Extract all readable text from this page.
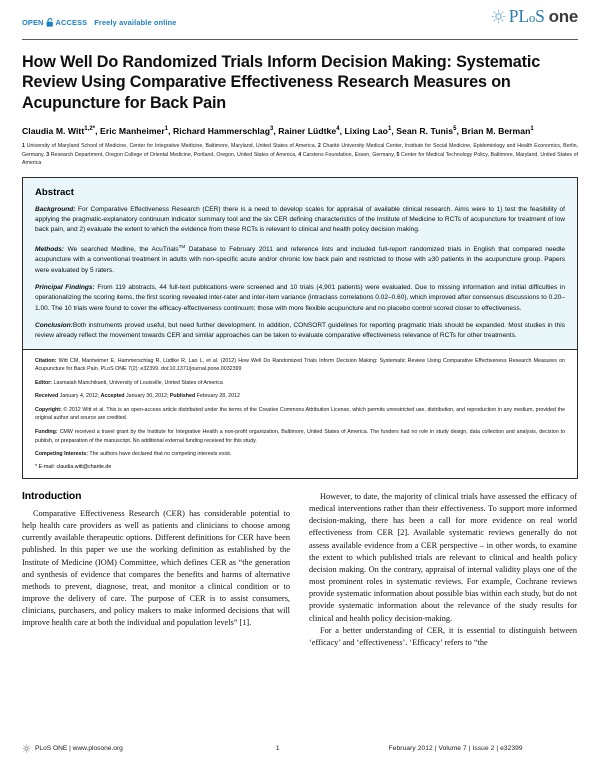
OPEN ACCESS Freely available online	PLoS one
How Well Do Randomized Trials Inform Decision Making: Systematic Review Using Comparative Effectiveness Research Measures on Acupuncture for Back Pain
Claudia M. Witt$^{1,2*}$, Eric Manheimer$^1$, Richard Hammerschlag$^3$, Rainer Lüdtke$^4$, Lixing Lao$^1$, Sean R. Tunis$^5$, Brian M. Berman$^1$
1 University of Maryland School of Medicine, Center for Integrative Medicine, Baltimore, Maryland, United States of America, 2 Charité University Medical Center, Institute for Social Medicine, Epidemiology and Health Economics, Berlin, Germany, 3 Research Department, Oregon College of Oriental Medicine, Portland, Oregon, United States of America, 4 Carstens Foundation, Essen, Germany, 5 Center for Medical Technology Policy, Baltimore, Maryland, United States of America
Abstract

Background: For Comparative Effectiveness Research (CER) there is a need to develop scales for appraisal of available clinical research. Aims were to 1) test the feasibility of applying the pragmatic-explanatory continuum indicator summary tool and the six CER defining characteristics of the Institute of Medicine to RCTs of acupuncture for treatment of low back pain, and 2) evaluate the extent to which the evidence from these RCTs is relevant to clinical and health policy decision making.

Methods: We searched Medline, the AcuTrials™ Database to February 2011 and reference lists and included full-report randomized trials in English that compared needle acupuncture with a conventional treatment in adults with non-specific acute and/or chronic low back pain and restricted to those with ≥30 patients in the acupuncture group. Papers were evaluated by 5 raters.

Principal Findings: From 119 abstracts, 44 full-text publications were screened and 10 trials (4,901 patients) were evaluated. Due to missing information and initial difficulties in operationalizing the scoring items, the first scoring revealed inter-rater and inter-item variance (intraclass correlations 0.02–0.60), which improved after consensus discussions to 0.20–1.00. The 10 trials were found to cover the efficacy-effectiveness continuum; those with more flexible acupuncture and no placebo control scored closer to effectiveness.

Conclusion:Both instruments proved useful, but need further development. In addition, CONSORT guidelines for reporting pragmatic trials should be expanded. Most studies in this review already reflect the movement towards CER and similar approaches can be taken to evaluate comparative effectiveness relevance of RCTs for other treatments.

Citation: Witt CM, Manheimer E, Hammerschlag R, Lüdtke R, Lao L, et al. (2012) How Well Do Randomized Trials Inform Decision Making: Systematic Review Using Comparative Effectiveness Research Measures on Acupuncture for Back Pain. PLoS ONE 7(2): e32399. doi:10.1371/journal.pone.0032399

Editor: Laxmaiah Manchikanti, University of Louisville, United States of America

Received January 4, 2012; Accepted January 30, 2012; Published February 28, 2012

Copyright: © 2012 Witt et al. This is an open-access article distributed under the terms of the Creative Commons Attribution License, which permits unrestricted use, distribution, and reproduction in any medium, provided the original author and source are credited.

Funding: CMW received a travel grant by the Institute for Integrative Health a non-profit organization, Baltimore, United States of America. The funders had no role in study design, data collection and analysis, decision to publish, or preparation of the manuscript. No additional external funding received for this study.

Competing Interests: The authors have declared that no competing interests exist.

* E-mail: claudia.witt@charite.de

Introduction

Comparative Effectiveness Research (CER) has considerable potential to help health care providers as well as patients and clinicians to choose among currently available therapeutic options. Different definitions for CER have been published. In this paper we use the working definition as established by the Institute of Medicine (IOM) Committee, which defines CER as “the generation and synthesis of evidence that compares the benefits and harms of alternative methods to prevent, diagnose, treat, and monitor a clinical condition or to improve the delivery of care. The purpose of CER is to assist consumers, clinicians, purchasers, and policy makers to make informed decisions that will improve health care at both the individual and population levels” [1].

However, to date, the majority of clinical trials have assessed the efficacy of medical interventions rather than their effectiveness. To support more informed decision-making, there has been a call for more evidence on real world effectiveness from CER [2]. Available systematic reviews generally do not assess available evidence from a CER perspective – in other words, to examine the extent to which published trials are relevant to clinical and health policy decision making. On the contrary, appraisal of internal validity plays one of the most prominent roles in systematic reviews. For example, Cochrane reviews provide systematic information about possible bias within each study, but do not provide systematic information about the relevance of the study results for clinical and health policy decision-making.

For a better understanding of CER, it is essential to distinguish between ‘efficacy’ and ‘effectiveness’. ‘Efficacy’ refers to “the

PLoS ONE | www.plosone.org	1	February 2012 | Volume 7 | Issue 2 | e32399
